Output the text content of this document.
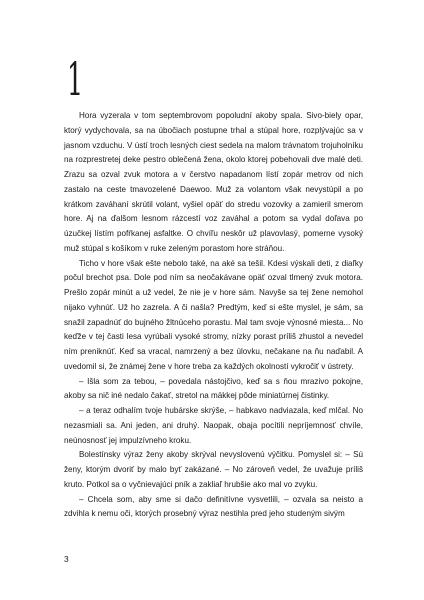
1

Hora vyzerala v tom septembrovom popoludní akoby spala. Sivo-biely opar, ktorý vydychovala, sa na úbočiach postupne trhal a stúpal hore, rozplývajúc sa v jasnom vzduchu. V ústí troch lesných ciest sedela na malom trávnatom trojuholníku na rozprestretej deke pestro oblečená žena, okolo ktorej pobehovali dve malé deti. Zrazu sa ozval zvuk motora a v čerstvo napadanom lístí zopár metrov od nich zastalo na ceste tmavozelené Daewoo. Muž za volantom však nevystúpil a po krátkom zaváhaní skrútil volant, vyšiel opäť do stredu vozovky a zamieril smerom hore. Aj na ďalšom lesnom rázcestí voz zaváhal a potom sa vydal doľava po úzučkej lístím pofŕkanej asfaltke. O chvíľu neskôr už plavovlasý, pomerne vysoký muž stúpal s košíkom v ruke zeleným porastom hore stráňou.

Ticho v hore však ešte nebolo také, na aké sa tešil. Kdesi výskali deti, z diaľky počul brechot psa. Dole pod ním sa neočakávane opäť ozval tlmený zvuk motora. Prešlo zopár minút a už vedel, že nie je v hore sám. Navyše sa tej žene nemohol nijako vyhnúť. Už ho zazrela. A či našla? Predtým, keď si ešte myslel, je sám, sa snažil zapadnúť do bujného žltnúceho porastu. Mal tam svoje výnosné miesta... No keďže v tej časti lesa vyrúbali vysoké stromy, nízky porast príliš zhustol a nevedel ním preniknúť. Keď sa vracal, namrzený a bez úlovku, nečakane na ňu naďabil. A uvedomil si, že známej žene v hore treba za každých okolností vykročiť v ústrety.

– Išla som za tebou, – povedala nástojčivo, keď sa s ňou mrazivo pokojne, akoby sa nič iné nedalo čakať, stretol na mäkkej pôde miniatúrnej čistinky.

– a teraz odhalím tvoje hubárske skrýše, – habkavo nadviazala, keď mlčal. No nezasmiali sa. Ani jeden, ani druhý. Naopak, obaja pocítili nepríjemnosť chvíle, neúnosnosť jej impulzívneho kroku.

Bolestínsky výraz ženy akoby skrýval nevyslovenú výčitku. Pomyslel si: – Sú ženy, ktorým dvoriť by malo byť zakázané. – No zároveň vedel, že uvažuje príliš kruto. Potkol sa o vyčnievajúci pník a zakliaľ hrubšie ako mal vo zvyku.

– Chcela som, aby sme si dačo definitívne vysvetlili, – ozvala sa neisto a zdvihla k nemu oči, ktorých prosebný výraz nestihla pred jeho studeným sivým

3
